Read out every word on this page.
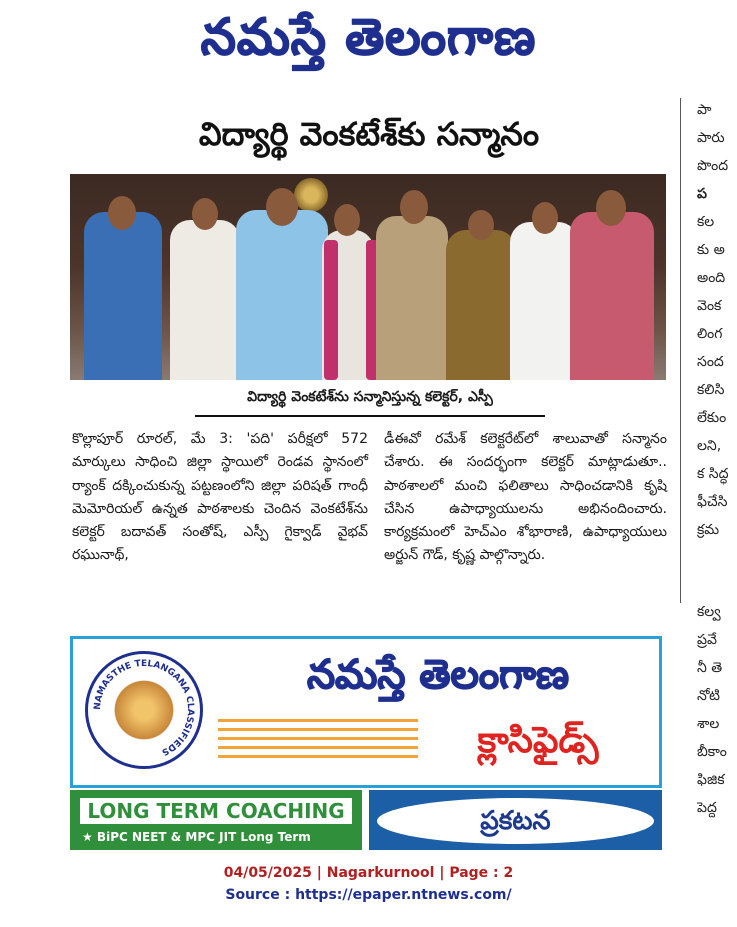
నమస్తే తెలంగాణ
విద్యార్థి వెంకటేశ్‌కు సన్మానం
విద్యార్థి వెంకటేశ్‌ను సన్మానిస్తున్న కలెక్టర్‌, ఎస్పీ
కొల్లాపూర్ రూరల్, మే 3: 'పది' పరీక్షలో 572 మార్కులు సాధించి జిల్లా స్థాయిలో రెండవ స్థానంలో ర్యాంక్ దక్కించుకున్న పట్టణంలోని జిల్లా పరిషత్ గాంధీ మెమోరియల్ ఉన్నత పాఠశాలకు చెందిన వెంకటేశ్‌ను కలెక్టర్ బదావత్ సంతోష్, ఎస్పీ గైక్వాడ్ వైభవ్ రఘునాథ్,
డీఈవో రమేశ్ కలెక్టరేట్‌లో శాలువాతో సన్మానం చేశారు. ఈ సందర్భంగా కలెక్టర్ మాట్లాడుతూ.. పాఠశాలలో మంచి ఫలితాలు సాధించడానికి కృషి చేసిన ఉపాధ్యాయులను అభినందించారు. కార్యక్రమంలో హెచ్ఎం శోభారాణి, ఉపాధ్యాయులు అర్జున్ గౌడ్, కృష్ణ పాల్గొన్నారు.
పా
పారు
పొంద
ప
కల
కు అ
అంది
వెంక
లింగ
సంద
కలిసి
లేకుం
లని,
క సిద్ధ
ఫీచేసి
క్రమ
కల్వ
ప్రవే
నీ తె
నోటి
శాల
బీకాం
ఫిజిక
పెద్ద
NAMASTHE TELANGANA CLASSIFIEDS
నమస్తే తెలంగాణ
క్లాసిఫైడ్స్
LONG TERM COACHING
★ BiPC NEET & MPC JIT Long Term
ప్రకటన
04/05/2025 | Nagarkurnool | Page : 2
Source : https://epaper.ntnews.com/
